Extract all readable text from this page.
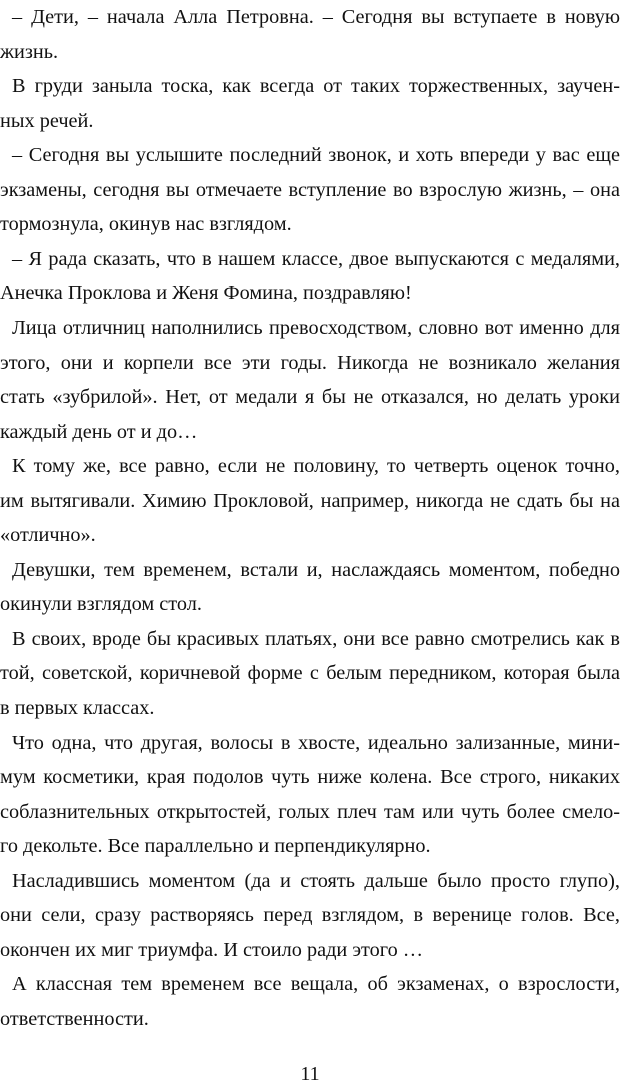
– Дети, – начала Алла Петровна. – Сегодня вы вступаете в новую
жизнь.
В груди заныла тоска, как всегда от таких торжественных, заучен-
ных речей.
– Сегодня вы услышите последний звонок, и хоть впереди у вас еще
экзамены, сегодня вы отмечаете вступление во взрослую жизнь, – она
тормознула, окинув нас взглядом.
– Я рада сказать, что в нашем классе, двое выпускаются с медалями,
Анечка Проклова и Женя Фомина, поздравляю!
Лица отличниц наполнились превосходством, словно вот именно для
этого, они и корпели все эти годы. Никогда не возникало желания
стать «зубрилой». Нет, от медали я бы не отказался, но делать уроки
каждый день от и до…
К тому же, все равно, если не половину, то четверть оценок точно,
им вытягивали. Химию Прокловой, например, никогда не сдать бы на
«отлично».
Девушки, тем временем, встали и, наслаждаясь моментом, победно
окинули взглядом стол.
В своих, вроде бы красивых платьях, они все равно смотрелись как в
той, советской, коричневой форме с белым передником, которая была
в первых классах.
Что одна, что другая, волосы в хвосте, идеально зализанные, мини-
мум косметики, края подолов чуть ниже колена. Все строго, никаких
соблазнительных открытостей, голых плеч там или чуть более смело-
го декольте. Все параллельно и перпендикулярно.
Насладившись моментом (да и стоять дальше было просто глупо),
они сели, сразу растворяясь перед взглядом, в веренице голов. Все,
окончен их миг триумфа. И стоило ради этого …
А классная тем временем все вещала, об экзаменах, о взрослости,
ответственности.
11
